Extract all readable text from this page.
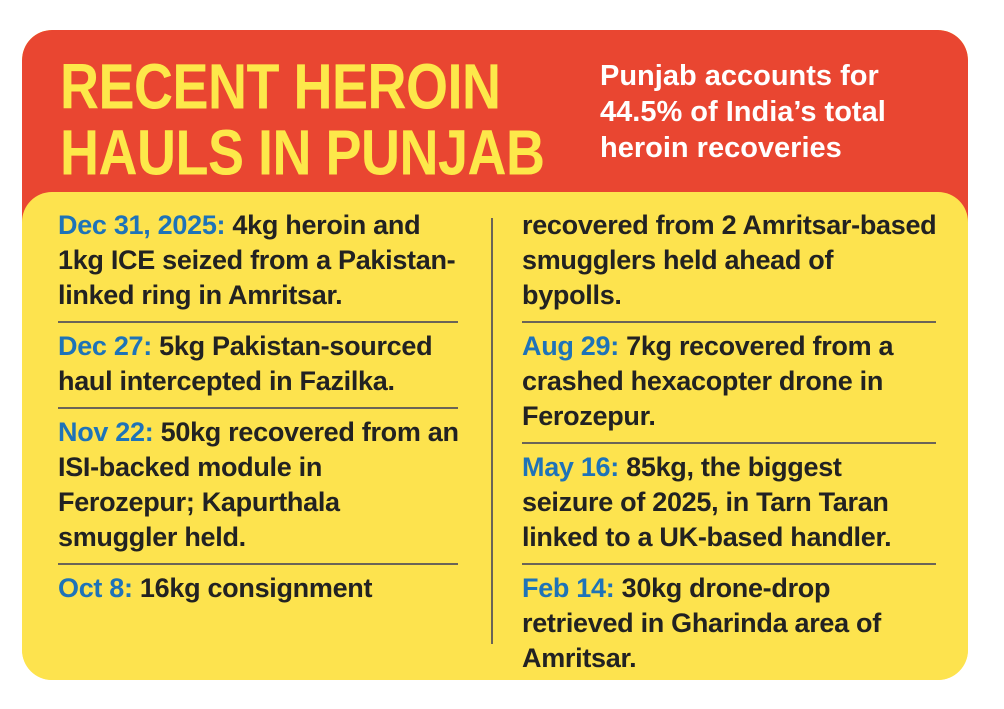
RECENT HEROIN
HAULS IN PUNJAB

Punjab accounts for
44.5% of India’s total
heroin recoveries

Dec 31, 2025: 4kg heroin and 1kg ICE seized from a Pakistan-linked ring in Amritsar.
Dec 27: 5kg Pakistan-sourced haul intercepted in Fazilka.
Nov 22: 50kg recovered from an ISI-backed module in Ferozepur; Kapurthala smuggler held.
Oct 8: 16kg consignment
recovered from 2 Amritsar-based smugglers held ahead of bypolls.
Aug 29: 7kg recovered from a crashed hexacopter drone in Ferozepur.
May 16: 85kg, the biggest seizure of 2025, in Tarn Taran linked to a UK-based handler.
Feb 14: 30kg drone-drop retrieved in Gharinda area of Amritsar.
